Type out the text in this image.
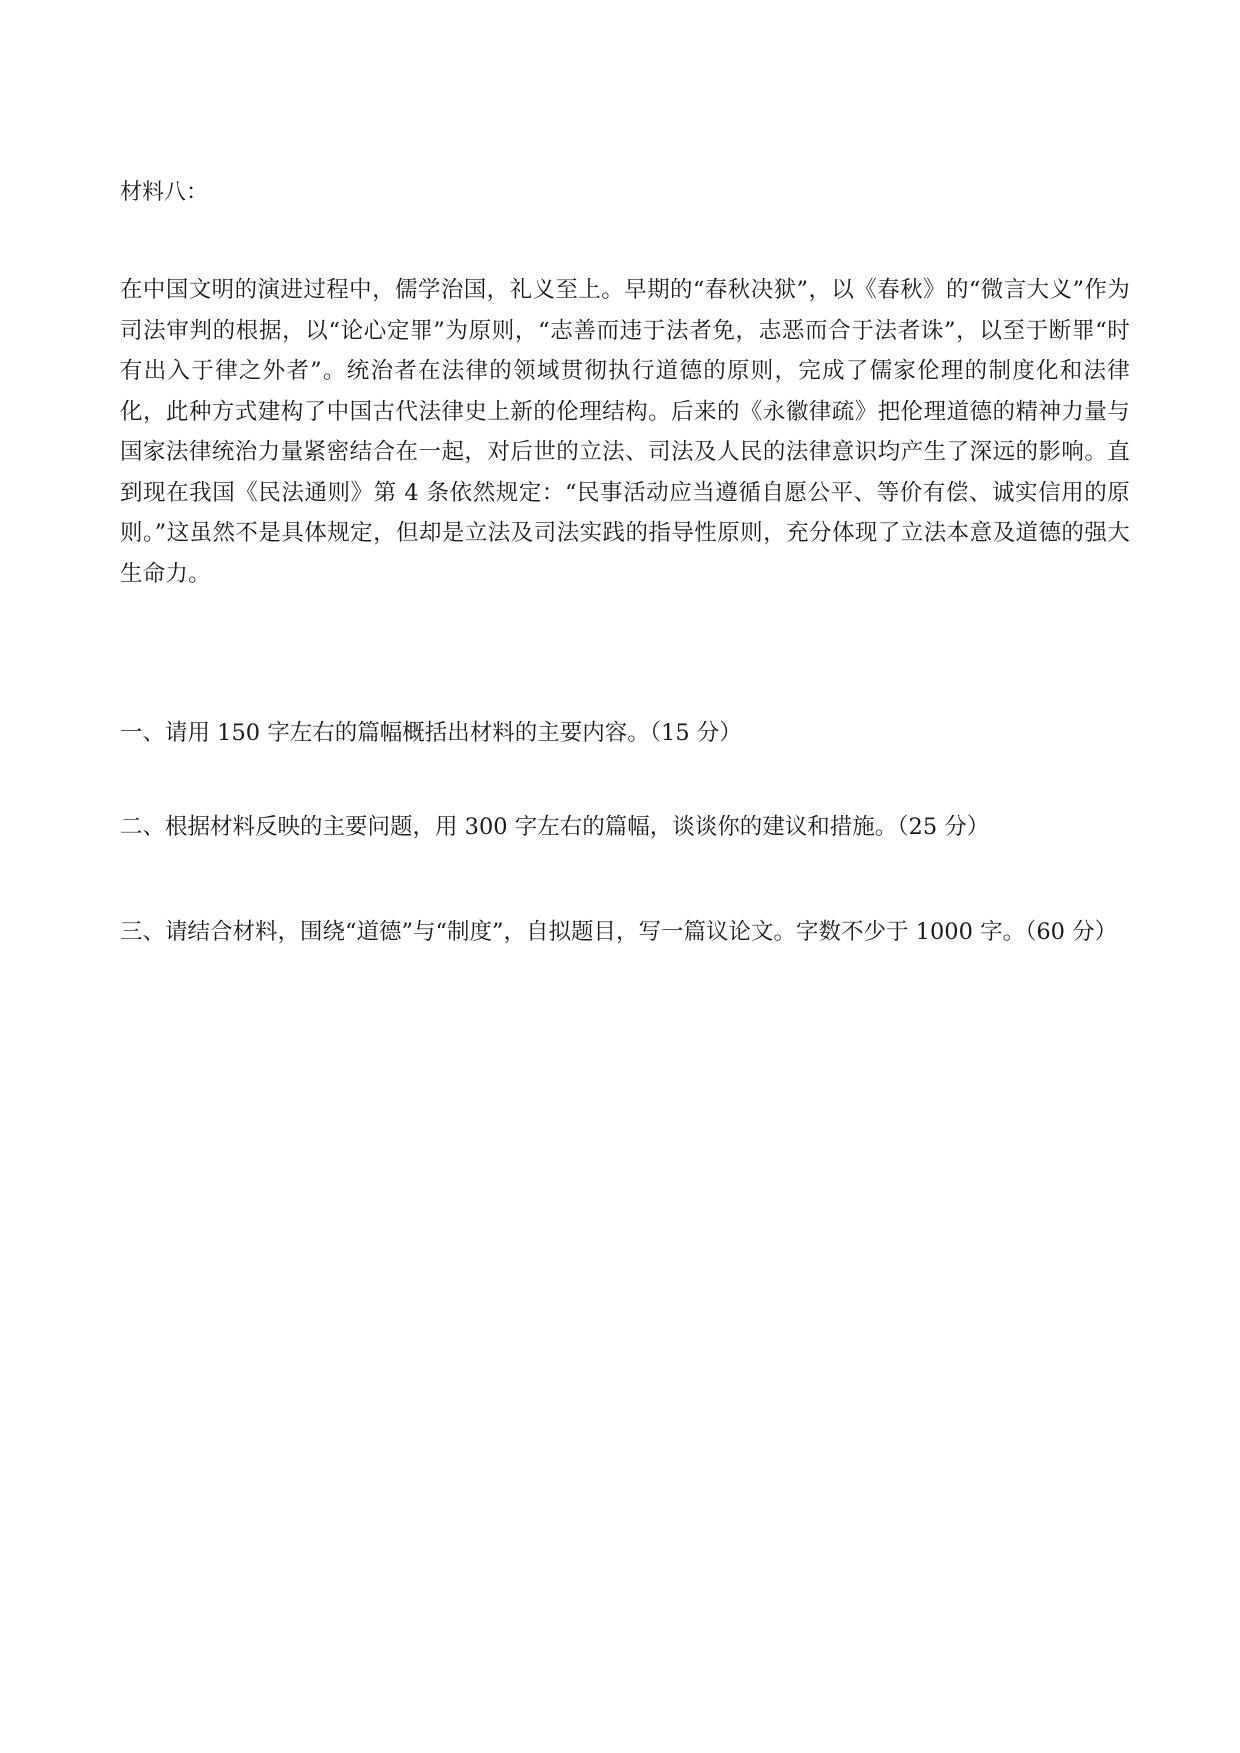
材料八：
在中国文明的演进过程中，儒学治国，礼义至上。早期的“春秋决狱”，以《春秋》的“微言大义”作为司法审判的根据，以“论心定罪”为原则，“志善而违于法者免，志恶而合于法者诛”，以至于断罪“时有出入于律之外者”。统治者在法律的领域贯彻执行道德的原则，完成了儒家伦理的制度化和法律化，此种方式建构了中国古代法律史上新的伦理结构。后来的《永徽律疏》把伦理道德的精神力量与国家法律统治力量紧密结合在一起，对后世的立法、司法及人民的法律意识均产生了深远的影响。直到现在我国《民法通则》第 4 条依然规定：“民事活动应当遵循自愿公平、等价有偿、诚实信用的原则。”这虽然不是具体规定，但却是立法及司法实践的指导性原则，充分体现了立法本意及道德的强大生命力。
一、请用 150 字左右的篇幅概括出材料的主要内容。（15 分）
二、根据材料反映的主要问题，用 300 字左右的篇幅，谈谈你的建议和措施。（25 分）
三、请结合材料，围绕“道德”与“制度”，自拟题目，写一篇议论文。字数不少于 1000 字。（60 分）
